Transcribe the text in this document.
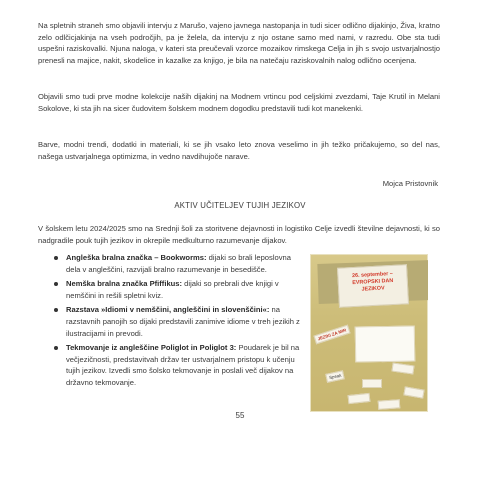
Na spletnih straneh smo objavili intervju z Marušo, vajeno javnega nastopanja in tudi sicer odlično dijakinjo, Živa, kratno zelo odlčicjakinja na vseh področjih, pa je želela, da intervju z njo ostane samo med nami, v razredu. Obe sta tudi uspešni raziskovalki. Njuna naloga, v kateri sta preučevali vzorce mozaikov rimskega Celja in jih s svojo ustvarjalnostjo prenesli na majice, nakit, skodelice in kazalke za knjigo, je bila na natečaju raziskovalnih nalog odlično ocenjena.

Objavili smo tudi prve modne kolekcije naših dijakinj na Modnem vrtincu pod celjskimi zvezdami, Taje Krutil in Melani Sokolove, ki sta jih na sicer čudovitem šolskem modnem dogodku predstavili tudi kot manekenki.

Barve, modni trendi, dodatki in materiali, ki se jih vsako leto znova veselimo in jih težko pričakujemo, so del nas, našega ustvarjalnega optimizma, in vedno navdihujoče narave.

Mojca Pristovnik

AKTIV UČITELJEV TUJIH JEZIKOV

V šolskem letu 2024/2025 smo na Srednji šoli za storitvene dejavnosti in logistiko Celje izvedli številne dejavnosti, ki so nadgradile pouk tujih jezikov in okrepile medkulturno razumevanje dijakov.

Angleška bralna značka – Bookworms: dijaki so brali leposlovna dela v angleščini, razvijali bralno razumevanje in besedišče.
Nemška bralna značka Pfiffikus: dijaki so prebrali dve knjigi v nemščini in rešili spletni kviz.
Razstava »Idiomi v nemščini, angleščini in slovenščini«: na razstavnih panojih so dijaki predstavili zanimive idiome v treh jezikih z ilustracijami in prevodi.
Tekmovanje iz angleščine Poliglot in Poliglot 3: Poudarek je bil na večjezičnosti, predstavitvah držav ter ustvarjalnem pristopu k učenju tujih jezikov. Izvedli smo šolsko tekmovanje in poslali več dijakov na državno tekmovanje.
26. september –
EVROPSKI DAN
JEZIKOV
JEZIKI ZA MIR
Speak

55
